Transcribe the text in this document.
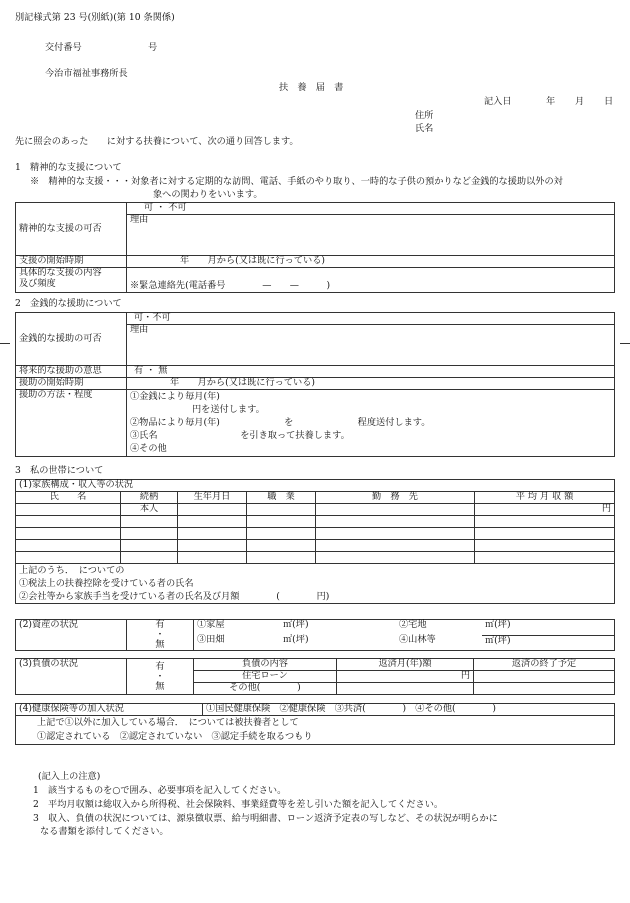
別記様式第 23 号(別紙)(第 10 条関係)
交付番号	号
今治市福祉事務所長
扶　養　届　書
記入日	年 月 日
住所
氏名
先に照会のあった　　に対する扶養について、次の通り回答します。
1　精神的な支援について
※　精神的な支援・・・対象者に対する定期的な訪問、電話、手紙のやり取り、一時的な子供の預かりなど金銭的な援助以外の対
象への関わりをいいます。
精神的な支援の可否	可 ・ 不可
	理由
支援の開始時期	年　　月から(又は既に行っている)
具体的な支援の内容
及び頻度	※緊急連絡先(電話番号　　　　—　　—　　　)
2　金銭的な援助について
金銭的な援助の可否	可・不可
	理由
将来的な援助の意思	有 ・ 無
援助の開始時期	年　　月から(又は既に行っている)
援助の方法・程度	①金銭により毎月(年)
円を送付します。
②物品により毎月(年)　　　　　　　を　　　　　　　程度送付します。
③氏名　　　　　　　　　を引き取って扶養します。
④その他
3　私の世帯について
(1)家族構成・収入等の状況					
氏　　名	続柄	生年月日	職　業	勤　務　先	平 均 月 収 額
	本人				円

上記のうち．　についての
①税法上の扶養控除を受けている者の氏名
②会社等から家族手当を受けている者の氏名及び月額　　　　(　　　　円)					
(2)資産の状況	有
・
無	①家屋	㎡(坪)	②宅地	㎡(坪)
		③田畑	㎡(坪)	④山林等	㎡(坪)
(3)負債の状況	有
・
無	負債の内容	返済月(年)額	返済の終了予定
		住宅ローン	円	
		その他(　　　　)		
(4)健康保険等の加入状況	①国民健康保険　②健康保険　③共済(　　　　)　④その他(　　　　)

上記で①以外に加入している場合．　については被扶養者として
①認定されている　②認定されていない　③認定手続を取るつもり
(記入上の注意)
1　該当するものを○で囲み、必要事項を記入してください。
2　平均月収額は総収入から所得税、社会保険料、事業経費等を差し引いた額を記入してください。
3　収入、負債の状況については、源泉徴収票、給与明細書、ローン返済予定表の写しなど、その状況が明らかに
なる書類を添付してください。
